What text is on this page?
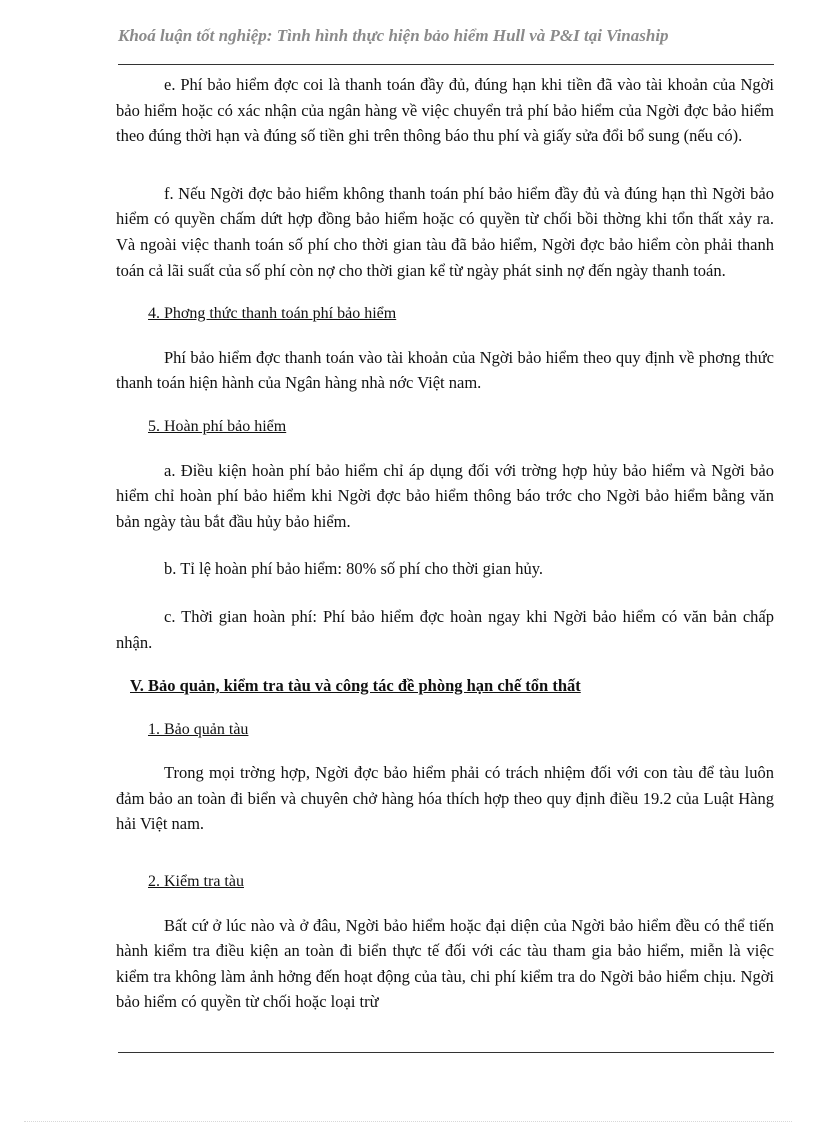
Khoá luận tốt nghiệp: Tình hình thực hiện bảo hiểm Hull và P&I tại Vinaship

e. Phí bảo hiểm đợc coi là thanh toán đầy đủ, đúng hạn khi tiền đã vào tài khoản của Ngời bảo hiểm hoặc có xác nhận của ngân hàng về việc chuyển trả phí bảo hiểm của Ngời đợc bảo hiểm theo đúng thời hạn và đúng số tiền ghi trên thông báo thu phí và giấy sửa đổi bổ sung (nếu có).

f. Nếu Ngời đợc bảo hiểm không thanh toán phí bảo hiểm đầy đủ và đúng hạn thì Ngời bảo hiểm có quyền chấm dứt hợp đồng bảo hiểm hoặc có quyền từ chối bồi thờng khi tổn thất xảy ra. Và ngoài việc thanh toán số phí cho thời gian tàu đã bảo hiểm, Ngời đợc bảo hiểm còn phải thanh toán cả lãi suất của số phí còn nợ cho thời gian kể từ ngày phát sinh nợ đến ngày thanh toán.

4. Phơng thức thanh toán phí bảo hiểm

Phí bảo hiểm đợc thanh toán vào tài khoản của Ngời bảo hiểm theo quy định về phơng thức thanh toán hiện hành của Ngân hàng nhà nớc Việt nam.

5. Hoàn phí bảo hiểm

a. Điều kiện hoàn phí bảo hiểm chỉ áp dụng đối với trờng hợp hủy bảo hiểm và Ngời bảo hiểm chỉ hoàn phí bảo hiểm khi Ngời đợc bảo hiểm thông báo trớc cho Ngời bảo hiểm bằng văn bản ngày tàu bắt đầu hủy bảo hiểm.

b. Tỉ lệ hoàn phí bảo hiểm: 80% số phí cho thời gian hủy.

c. Thời gian hoàn phí: Phí bảo hiểm đợc hoàn ngay khi Ngời bảo hiểm có văn bản chấp nhận.

V. Bảo quản, kiểm tra tàu và công tác đề phòng hạn chế tổn thất

1. Bảo quản tàu

Trong mọi trờng hợp, Ngời đợc bảo hiểm phải có trách nhiệm đối với con tàu để tàu luôn đảm bảo an toàn đi biển và chuyên chở hàng hóa thích hợp theo quy định điều 19.2 của Luật Hàng hải Việt nam.

2. Kiểm tra tàu

Bất cứ ở lúc nào và ở đâu, Ngời bảo hiểm hoặc đại diện của Ngời bảo hiểm đều có thể tiến hành kiểm tra điều kiện an toàn đi biển thực tế đối với các tàu tham gia bảo hiểm, miễn là việc kiểm tra không làm ảnh hởng đến hoạt động của tàu, chi phí kiểm tra do Ngời bảo hiểm chịu. Ngời bảo hiểm có quyền từ chối hoặc loại trừ
